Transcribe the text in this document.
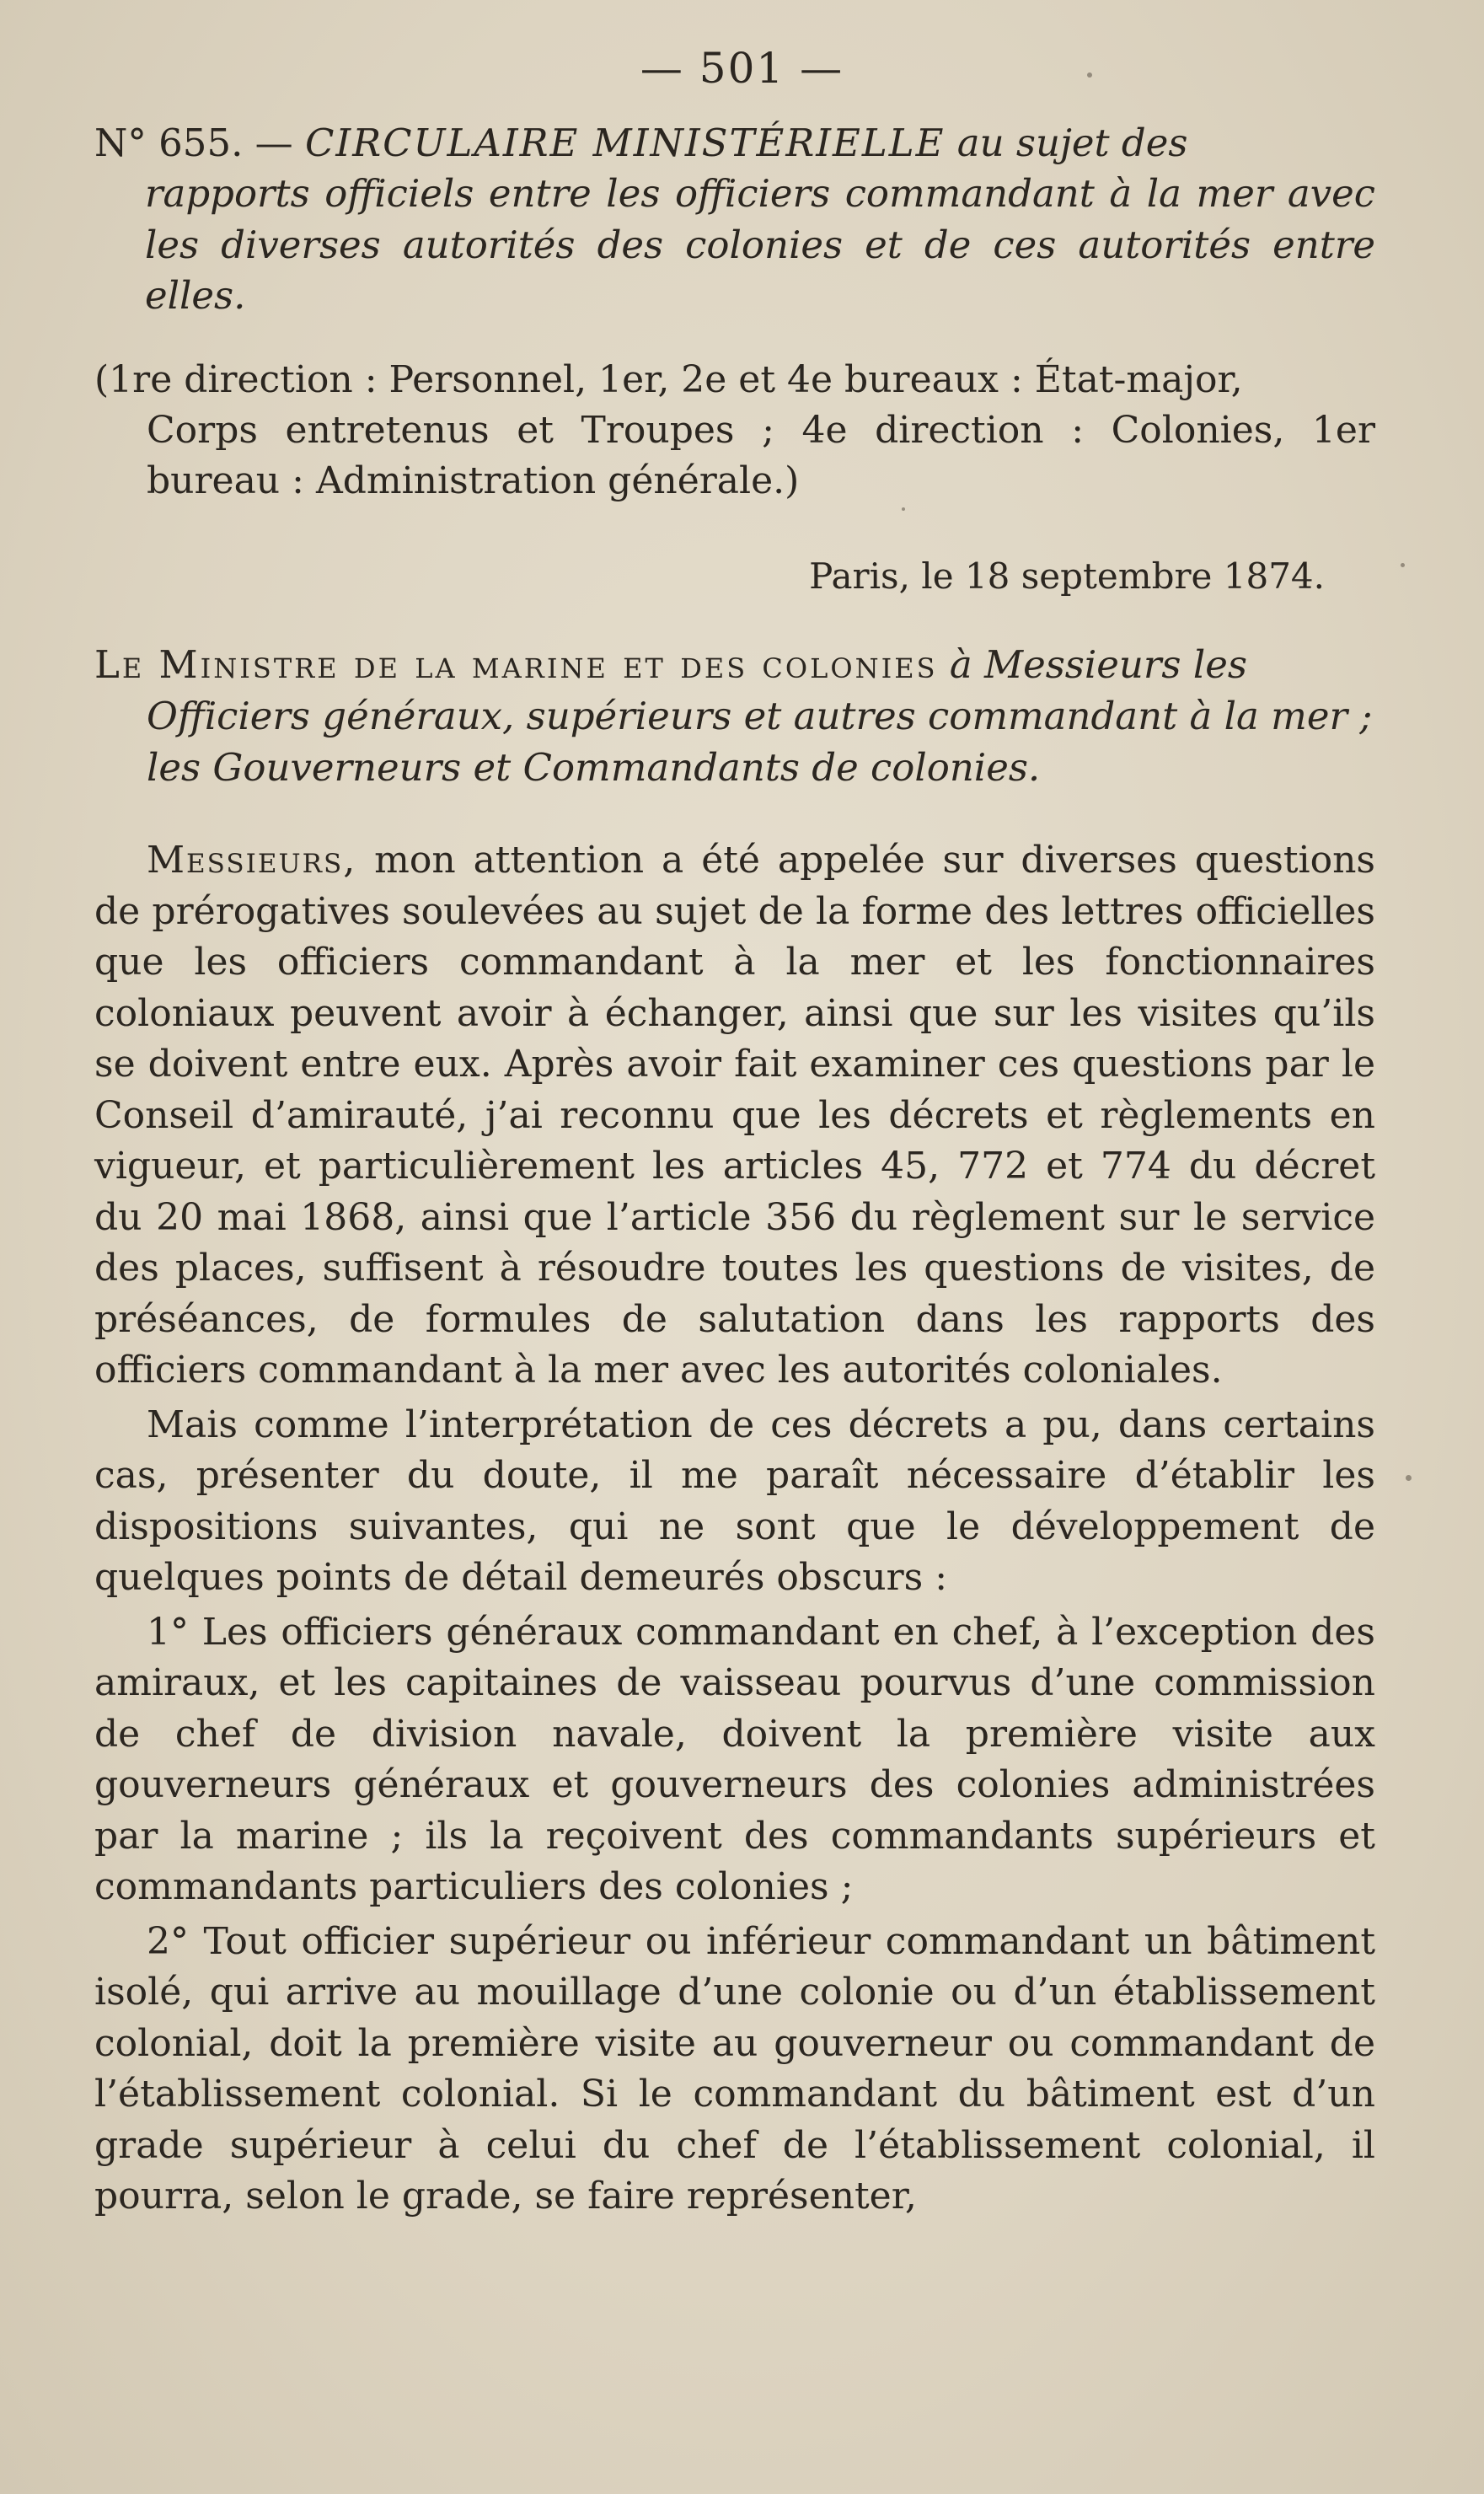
— 501 —

N° 655. — CIRCULAIRE MINISTÉRIELLE au sujet des
rapports officiels entre les officiers commandant à la mer avec les diverses autorités des colonies et de ces autorités entre elles.

(1re direction : Personnel, 1er, 2e et 4e bureaux : État-major,
Corps entretenus et Troupes ; 4e direction : Colonies, 1er bureau : Administration générale.)

Paris, le 18 septembre 1874.

Le Ministre de la marine et des colonies à Messieurs les
Officiers généraux, supérieurs et autres commandant à la mer ; les Gouverneurs et Commandants de colonies.

Messieurs, mon attention a été appelée sur diverses questions de prérogatives soulevées au sujet de la forme des lettres officielles que les officiers commandant à la mer et les fonctionnaires coloniaux peuvent avoir à échanger, ainsi que sur les visites qu’ils se doivent entre eux. Après avoir fait examiner ces questions par le Conseil d’amirauté, j’ai reconnu que les décrets et règlements en vigueur, et particulièrement les articles 45, 772 et 774 du décret du 20 mai 1868, ainsi que l’article 356 du règlement sur le service des places, suffisent à résoudre toutes les questions de visites, de préséances, de formules de salutation dans les rapports des officiers commandant à la mer avec les autorités coloniales.

Mais comme l’interprétation de ces décrets a pu, dans certains cas, présenter du doute, il me paraît nécessaire d’établir les dispositions suivantes, qui ne sont que le développement de quelques points de détail demeurés obscurs :

1° Les officiers généraux commandant en chef, à l’exception des amiraux, et les capitaines de vaisseau pourvus d’une commission de chef de division navale, doivent la première visite aux gouverneurs généraux et gouverneurs des colonies administrées par la marine ; ils la reçoivent des commandants supérieurs et commandants particuliers des colonies ;

2° Tout officier supérieur ou inférieur commandant un bâtiment isolé, qui arrive au mouillage d’une colonie ou d’un établissement colonial, doit la première visite au gouverneur ou commandant de l’établissement colonial. Si le commandant du bâtiment est d’un grade supérieur à celui du chef de l’établissement colonial, il pourra, selon le grade, se faire représenter,
